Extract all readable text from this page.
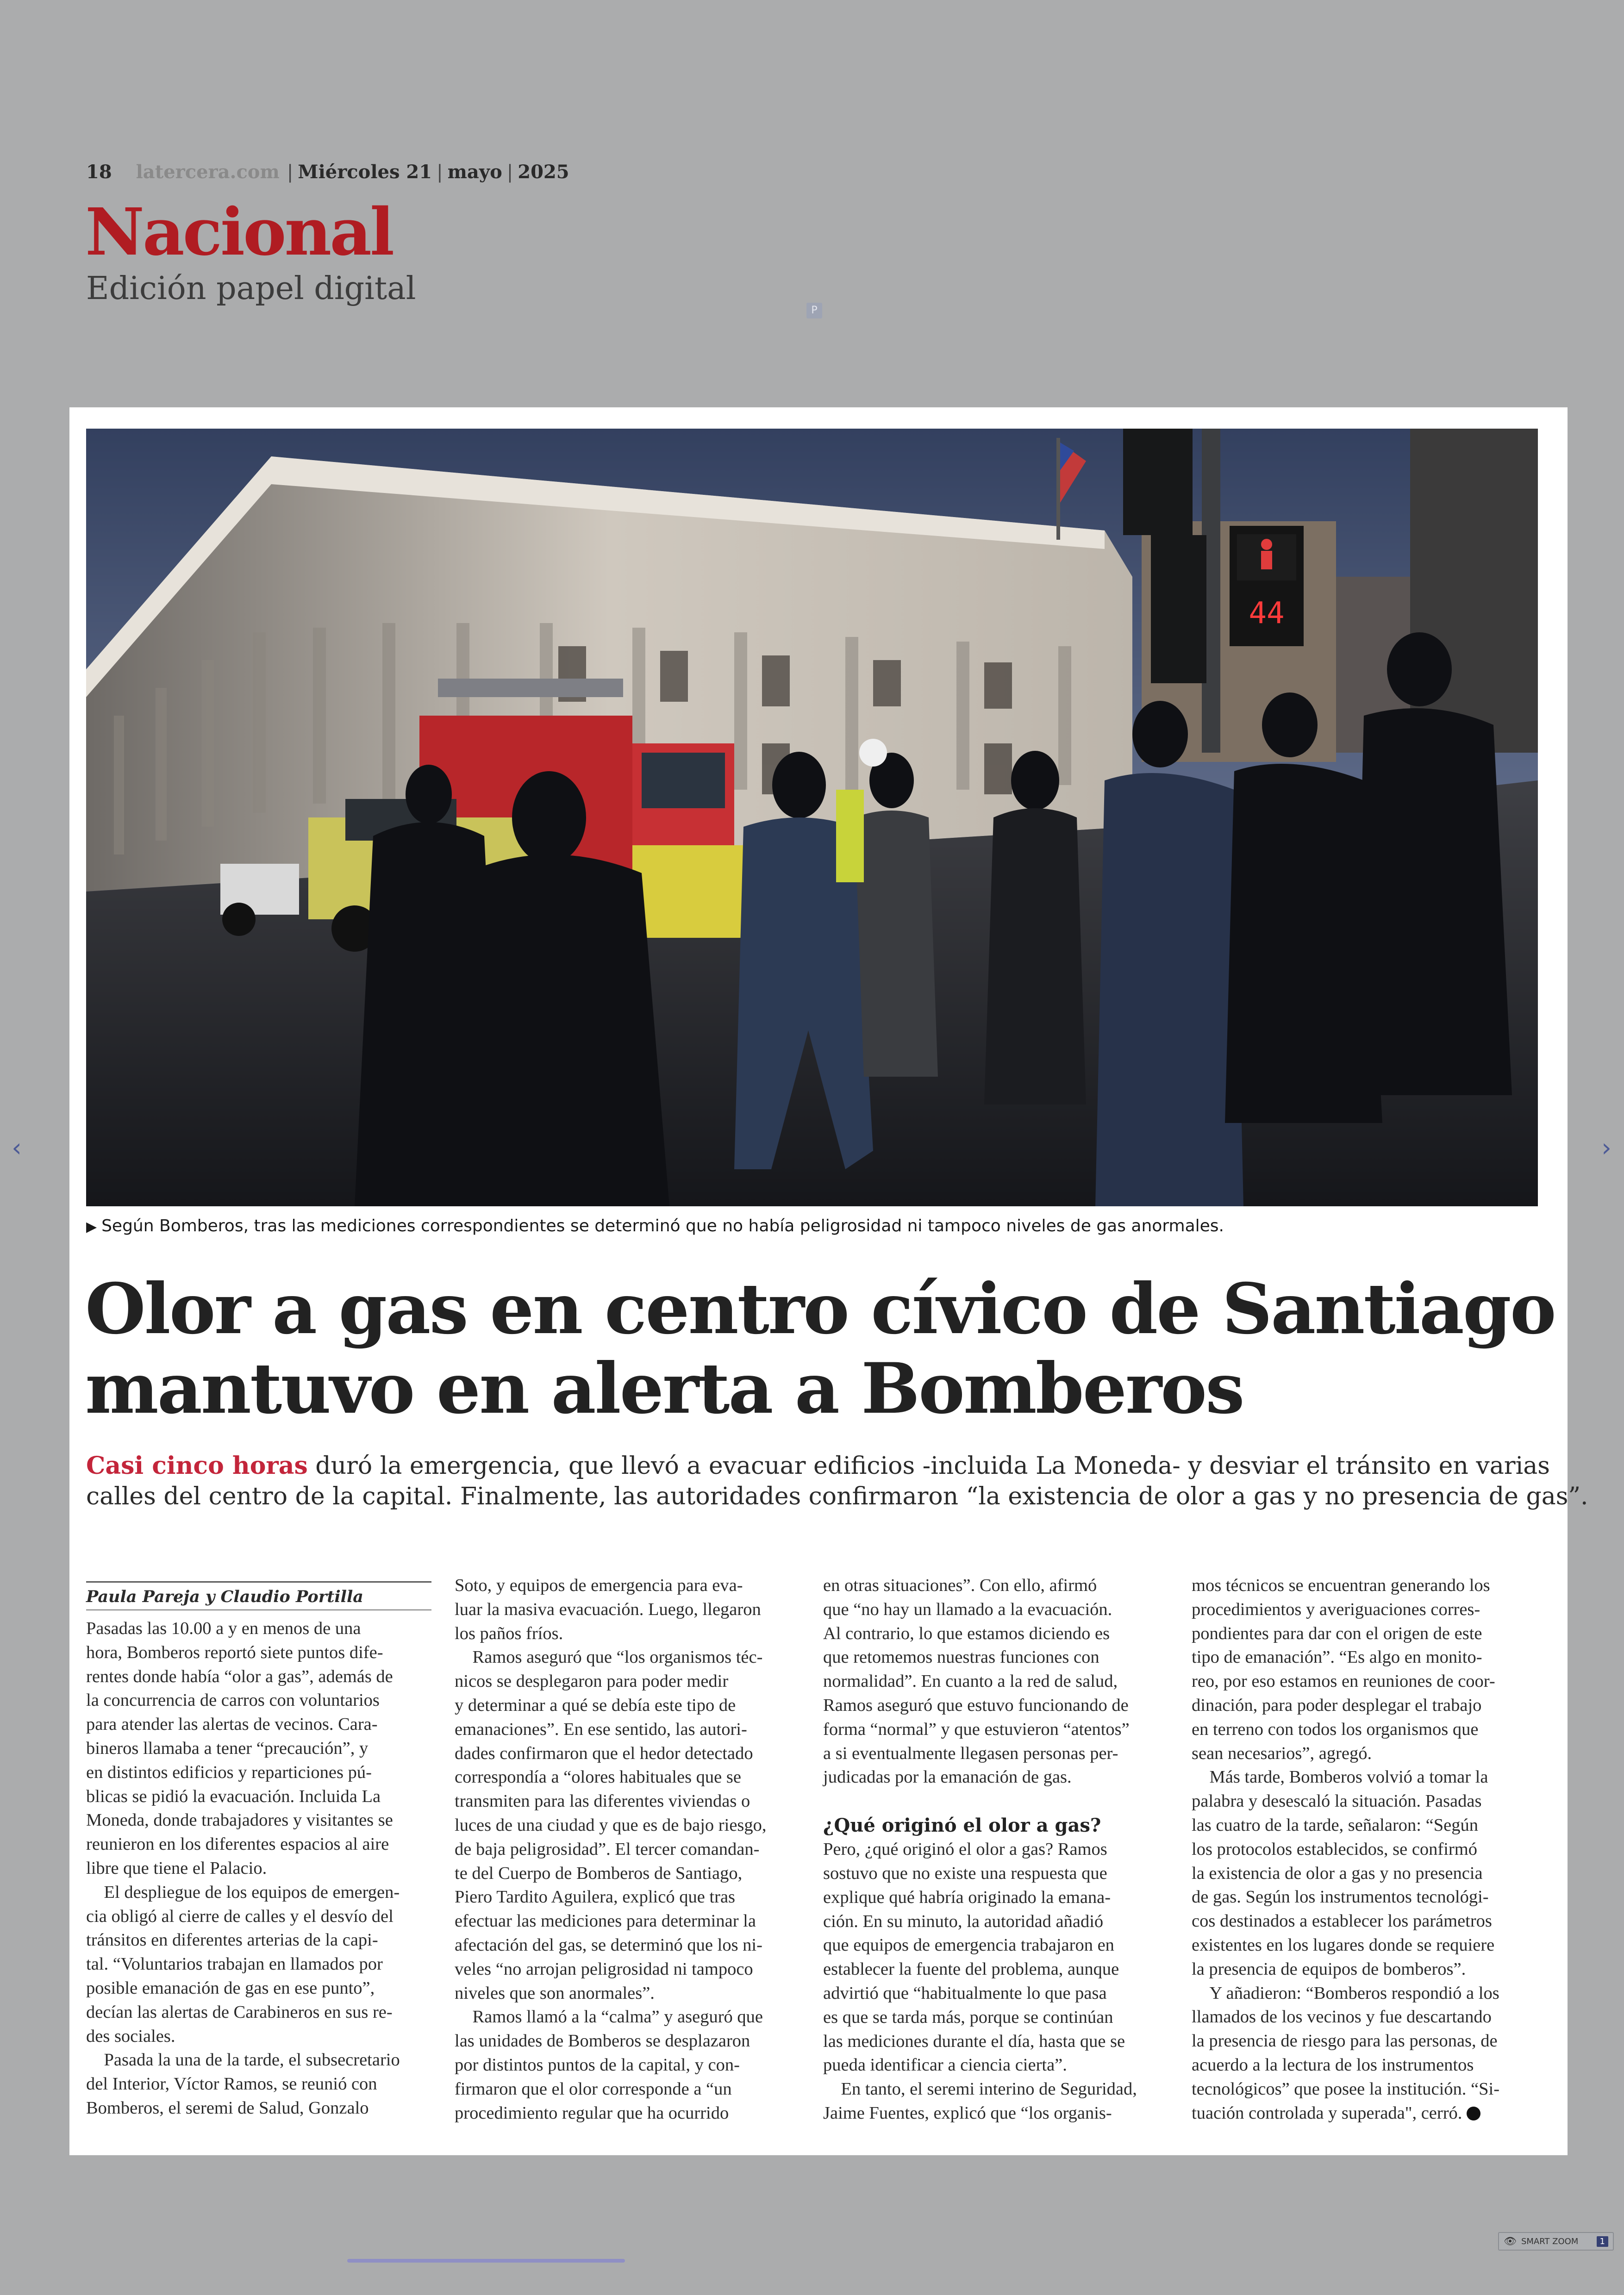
18 latercera.com | Miércoles 21 | mayo | 2025
Nacional
Edición papel digital
P
‹	›
44
▶ Según Bomberos, tras las mediciones correspondientes se determinó que no había peligrosidad ni tampoco niveles de gas anormales.
Olor a gas en centro cívico de Santiago
mantuvo en alerta a Bomberos
Casi cinco horas duró la emergencia, que llevó a evacuar edificios -incluida La Moneda- y desviar el tránsito en varias
calles del centro de la capital. Finalmente, las autoridades confirmaron “la existencia de olor a gas y no presencia de gas”.
Paula Pareja y Claudio Portilla
Pasadas las 10.00 a y en menos de una
hora, Bomberos reportó siete puntos dife-
rentes donde había “olor a gas”, además de
la concurrencia de carros con voluntarios
para atender las alertas de vecinos. Cara-
bineros llamaba a tener “precaución”, y
en distintos edificios y reparticiones pú-
blicas se pidió la evacuación. Incluida La
Moneda, donde trabajadores y visitantes se
reunieron en los diferentes espacios al aire
libre que tiene el Palacio.
 El despliegue de los equipos de emergen-
cia obligó al cierre de calles y el desvío del
tránsitos en diferentes arterias de la capi-
tal. “Voluntarios trabajan en llamados por
posible emanación de gas en ese punto”,
decían las alertas de Carabineros en sus re-
des sociales.
 Pasada la una de la tarde, el subsecretario
del Interior, Víctor Ramos, se reunió con
Bomberos, el seremi de Salud, Gonzalo
Soto, y equipos de emergencia para eva-
luar la masiva evacuación. Luego, llegaron
los paños fríos.
 Ramos aseguró que “los organismos téc-
nicos se desplegaron para poder medir
y determinar a qué se debía este tipo de
emanaciones”. En ese sentido, las autori-
dades confirmaron que el hedor detectado
correspondía a “olores habituales que se
transmiten para las diferentes viviendas o
luces de una ciudad y que es de bajo riesgo,
de baja peligrosidad”. El tercer comandan-
te del Cuerpo de Bomberos de Santiago,
Piero Tardito Aguilera, explicó que tras
efectuar las mediciones para determinar la
afectación del gas, se determinó que los ni-
veles “no arrojan peligrosidad ni tampoco
niveles que son anormales”.
 Ramos llamó a la “calma” y aseguró que
las unidades de Bomberos se desplazaron
por distintos puntos de la capital, y con-
firmaron que el olor corresponde a “un
procedimiento regular que ha ocurrido
en otras situaciones”. Con ello, afirmó
que “no hay un llamado a la evacuación.
Al contrario, lo que estamos diciendo es
que retomemos nuestras funciones con
normalidad”. En cuanto a la red de salud,
Ramos aseguró que estuvo funcionando de
forma “normal” y que estuvieron “atentos”
a si eventualmente llegasen personas per-
judicadas por la emanación de gas.
¿Qué originó el olor a gas?
Pero, ¿qué originó el olor a gas? Ramos
sostuvo que no existe una respuesta que
explique qué habría originado la emana-
ción. En su minuto, la autoridad añadió
que equipos de emergencia trabajaron en
establecer la fuente del problema, aunque
advirtió que “habitualmente lo que pasa
es que se tarda más, porque se continúan
las mediciones durante el día, hasta que se
pueda identificar a ciencia cierta”.
 En tanto, el seremi interino de Seguridad,
Jaime Fuentes, explicó que “los organis-
mos técnicos se encuentran generando los
procedimientos y averiguaciones corres-
pondientes para dar con el origen de este
tipo de emanación”. “Es algo en monito-
reo, por eso estamos en reuniones de coor-
dinación, para poder desplegar el trabajo
en terreno con todos los organismos que
sean necesarios”, agregó.
 Más tarde, Bomberos volvió a tomar la
palabra y desescaló la situación. Pasadas
las cuatro de la tarde, señalaron: “Según
los protocolos establecidos, se confirmó
la existencia de olor a gas y no presencia
de gas. Según los instrumentos tecnológi-
cos destinados a establecer los parámetros
existentes en los lugares donde se requiere
la presencia de equipos de bomberos”.
 Y añadieron: “Bomberos respondió a los
llamados de los vecinos y fue descartando
la presencia de riesgo para las personas, de
acuerdo a la lectura de los instrumentos
tecnológicos” que posee la institución. “Si-
tuación controlada y superada", cerró.
👁 SMART ZOOM	1
